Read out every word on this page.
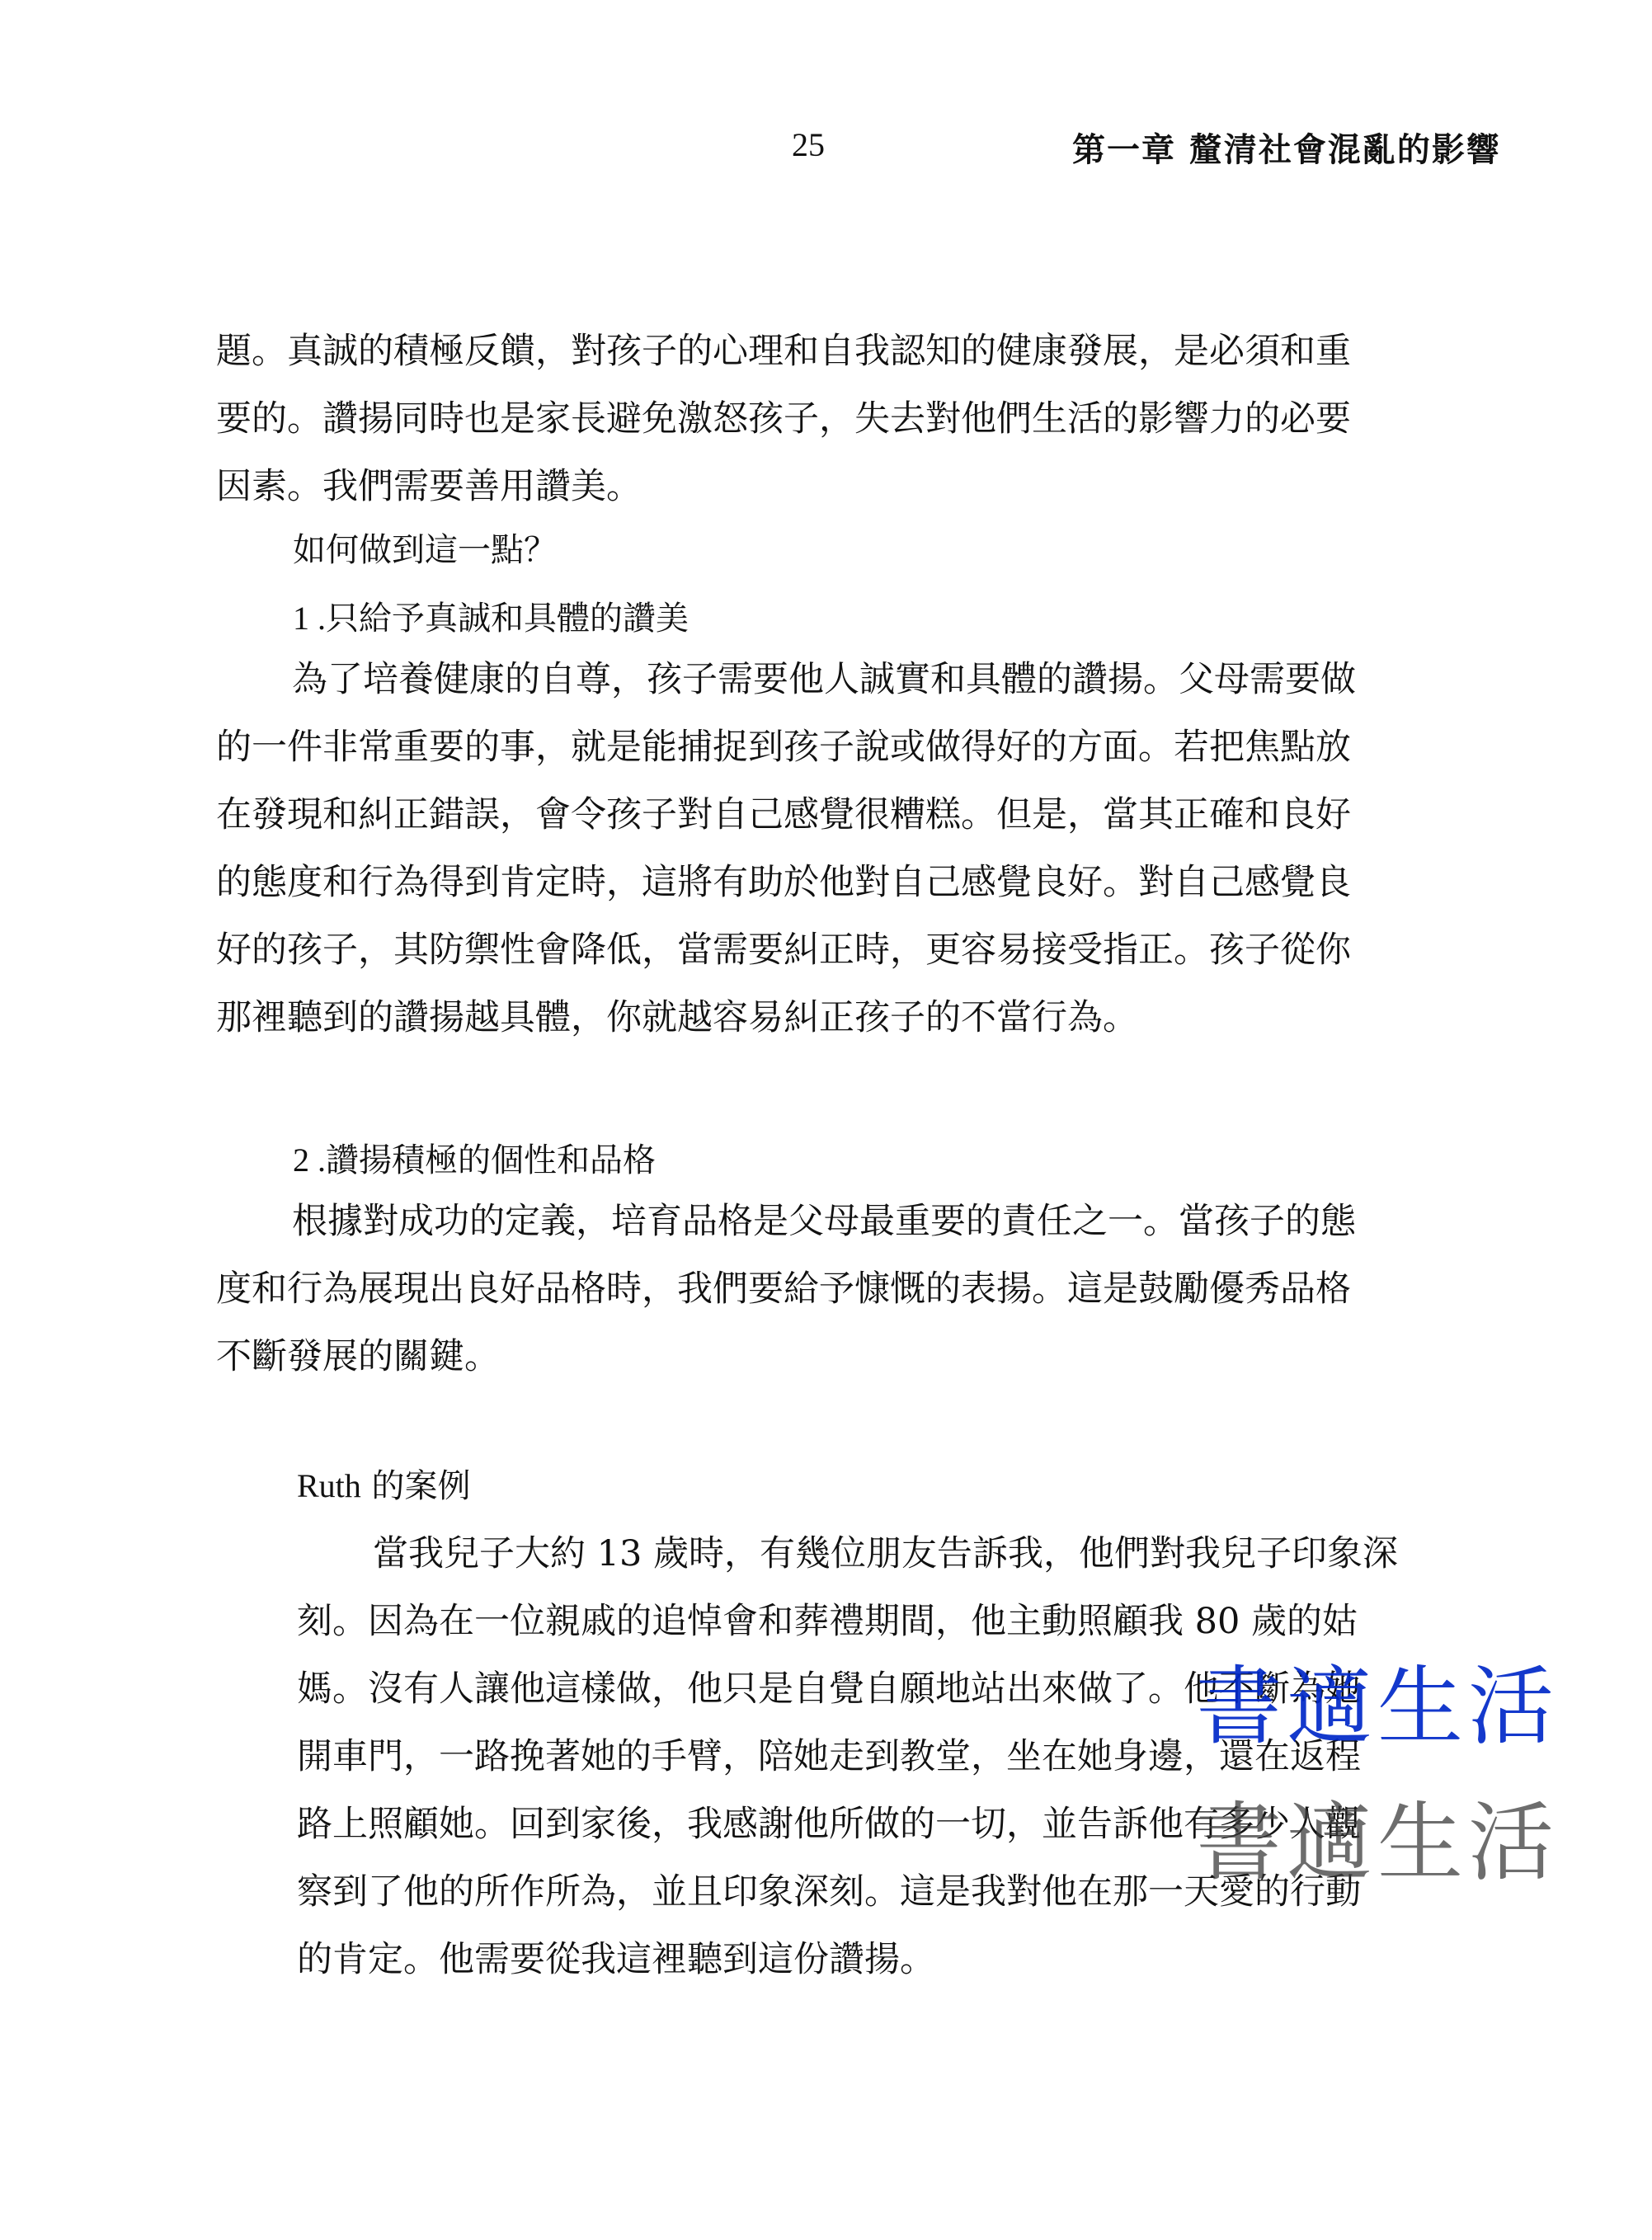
25	第一章 釐清社會混亂的影響

題。真誠的積極反饋，對孩子的心理和自我認知的健康發展，是必須和重
要的。讚揚同時也是家長避免激怒孩子，失去對他們生活的影響力的必要
因素。我們需要善用讚美。

如何做到這一點？

1 .只給予真誠和具體的讚美

為了培養健康的自尊，孩子需要他人誠實和具體的讚揚。父母需要做
的一件非常重要的事，就是能捕捉到孩子說或做得好的方面。若把焦點放
在發現和糾正錯誤，會令孩子對自己感覺很糟糕。但是，當其正確和良好
的態度和行為得到肯定時，這將有助於他對自己感覺良好。對自己感覺良
好的孩子，其防禦性會降低，當需要糾正時，更容易接受指正。孩子從你
那裡聽到的讚揚越具體，你就越容易糾正孩子的不當行為。

2 .讚揚積極的個性和品格

根據對成功的定義，培育品格是父母最重要的責任之一。當孩子的態
度和行為展現出良好品格時，我們要給予慷慨的表揚。這是鼓勵優秀品格
不斷發展的關鍵。

Ruth 的案例

當我兒子大約 13 歲時，有幾位朋友告訴我，他們對我兒子印象深
刻。因為在一位親戚的追悼會和葬禮期間，他主動照顧我 80 歲的姑
媽。沒有人讓他這樣做，他只是自覺自願地站出來做了。他不斷為她
開車門，一路挽著她的手臂，陪她走到教堂，坐在她身邊，還在返程
路上照顧她。回到家後，我感謝他所做的一切，並告訴他有多少人觀
察到了他的所作所為，並且印象深刻。這是我對他在那一天愛的行動
的肯定。他需要從我這裡聽到這份讚揚。

書適生活
書適生活
